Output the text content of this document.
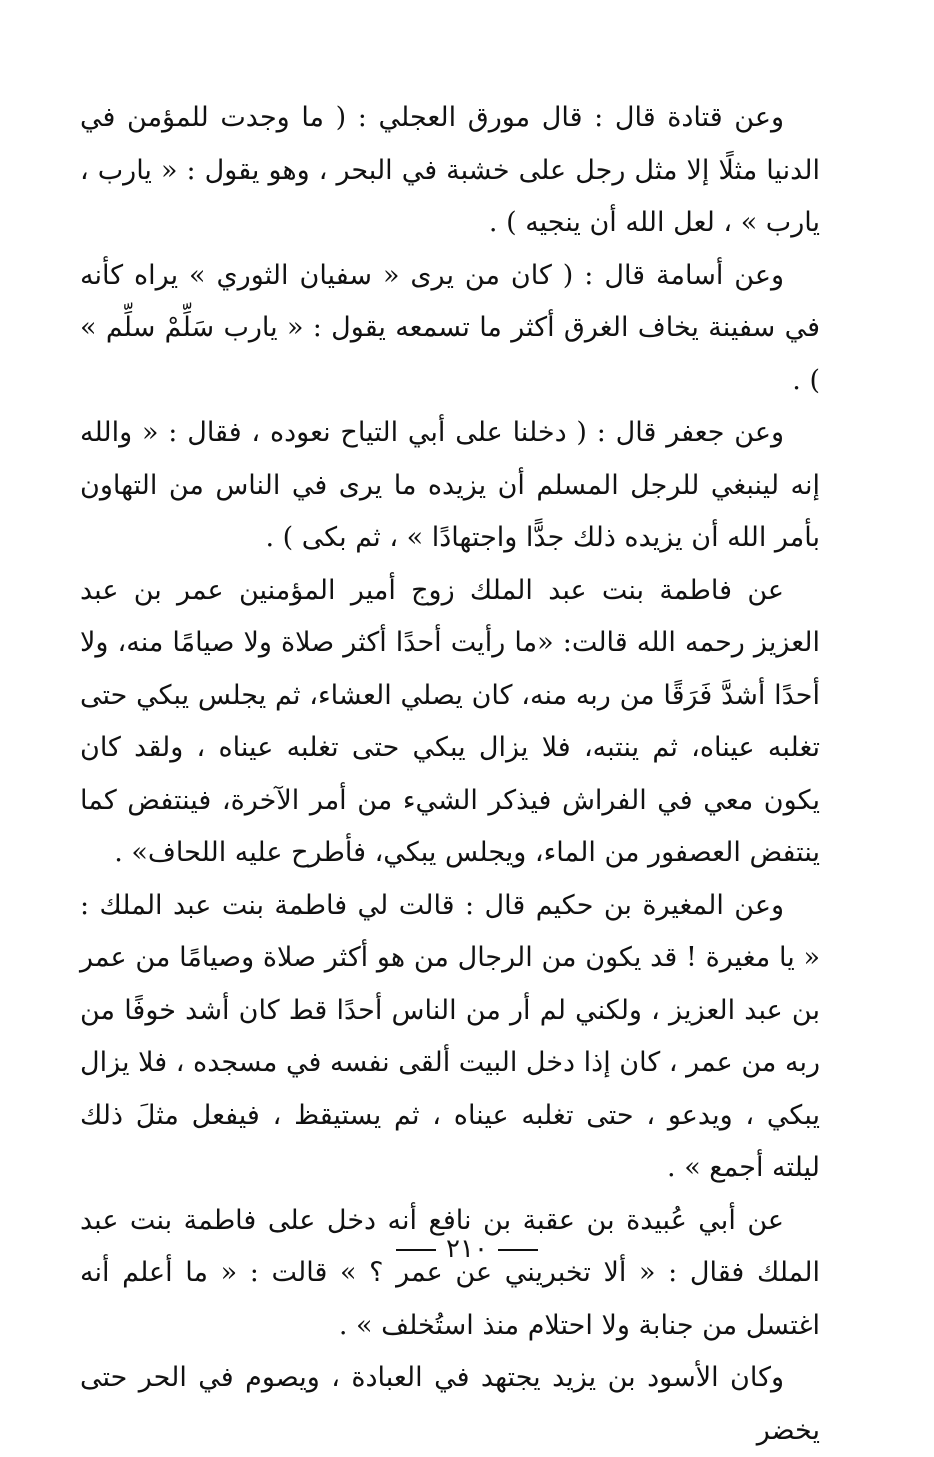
وعن قتادة قال : قال مورق العجلي : ( ما وجدت للمؤمن في الدنيا مثلًا إلا مثل رجل على خشبة في البحر ، وهو يقول : « يارب ، يارب » ، لعل الله أن ينجيه ) .

وعن أسامة قال : ( كان من يرى « سفيان الثوري » يراه كأنه في سفينة يخاف الغرق أكثر ما تسمعه يقول : « يارب سَلِّمْ سلِّم » ) .

وعن جعفر قال : ( دخلنا على أبي التياح نعوده ، فقال : « والله إنه لينبغي للرجل المسلم أن يزيده ما يرى في الناس من التهاون بأمر الله أن يزيده ذلك جدًّا واجتهادًا » ، ثم بكى ) .

عن فاطمة بنت عبد الملك زوج أمير المؤمنين عمر بن عبد العزيز رحمه الله قالت: «ما رأيت أحدًا أكثر صلاة ولا صيامًا منه، ولا أحدًا أشدَّ فَرَقًا من ربه منه، كان يصلي العشاء، ثم يجلس يبكي حتى تغلبه عيناه، ثم ينتبه، فلا يزال يبكي حتى تغلبه عيناه ، ولقد كان يكون معي في الفراش فيذكر الشيء من أمر الآخرة، فينتفض كما ينتفض العصفور من الماء، ويجلس يبكي، فأطرح عليه اللحاف» .

وعن المغيرة بن حكيم قال : قالت لي فاطمة بنت عبد الملك : « يا مغيرة ! قد يكون من الرجال من هو أكثر صلاة وصيامًا من عمر بن عبد العزيز ، ولكني لم أر من الناس أحدًا قط كان أشد خوفًا من ربه من عمر ، كان إذا دخل البيت ألقى نفسه في مسجده ، فلا يزال يبكي ، ويدعو ، حتى تغلبه عيناه ، ثم يستيقظ ، فيفعل مثلَ ذلك ليلته أجمع » .

عن أبي عُبيدة بن عقبة بن نافع أنه دخل على فاطمة بنت عبد الملك فقال : « ألا تخبريني عن عمر ؟ » قالت : « ما أعلم أنه اغتسل من جنابة ولا احتلام منذ استُخلف » .

وكان الأسود بن يزيد يجتهد في العبادة ، ويصوم في الحر حتى يخضر

٢١٠
